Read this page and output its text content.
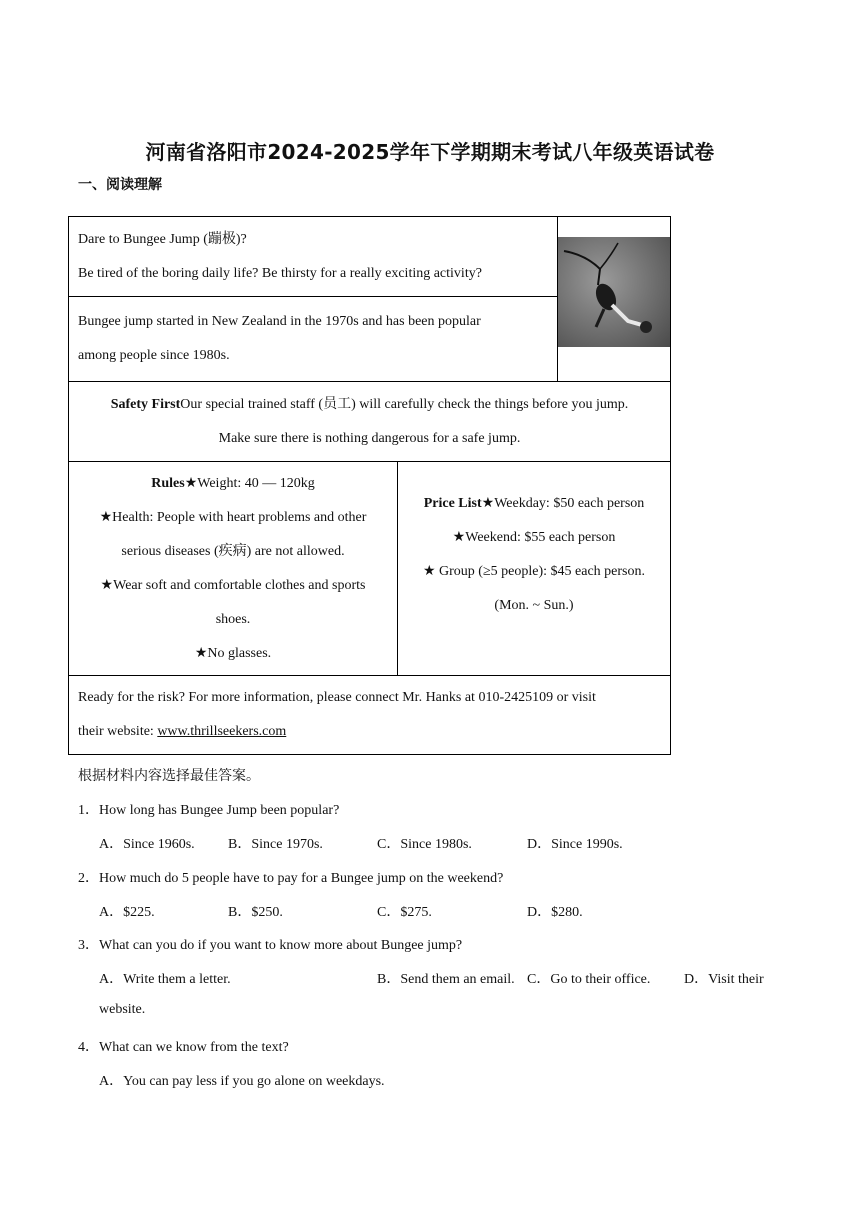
河南省洛阳市2024-2025学年下学期期末考试八年级英语试卷
一、阅读理解
Dare to Bungee Jump (蹦极)?
Be tired of the boring daily life? Be thirsty for a really exciting activity?

Bungee jump started in New Zealand in the 1970s and has been popular
among people since 1980s.

Safety FirstOur special trained staff (员工) will carefully check the things before you jump.
Make sure there is nothing dangerous for a safe jump.

Rules★Weight: 40 — 120kg
★Health: People with heart problems and other
serious diseases (疾病) are not allowed.
★Wear soft and comfortable clothes and sports
shoes.
★No glasses.

Price List★Weekday: $50 each person
★Weekend: $55 each person
★ Group (≥5 people): $45 each person.
(Mon. ~ Sun.)

Ready for the risk? For more information, please connect Mr. Hanks at 010-2425109 or visit
their website: www.thrillseekers.com
根据材料内容选择最佳答案。
1．How long has Bungee Jump been popular?
A．Since 1960s. B．Since 1970s.	C．Since 1980s.	D．Since 1990s.
2．How much do 5 people have to pay for a Bungee jump on the weekend?
A．$225.	B．$250.	C．$275.	D．$280.
3．What can you do if you want to know more about Bungee jump?
A．Write them a letter.	B．Send them an email. C．Go to their office. D．Visit their
website.
4．What can we know from the text?
A．You can pay less if you go alone on weekdays.
